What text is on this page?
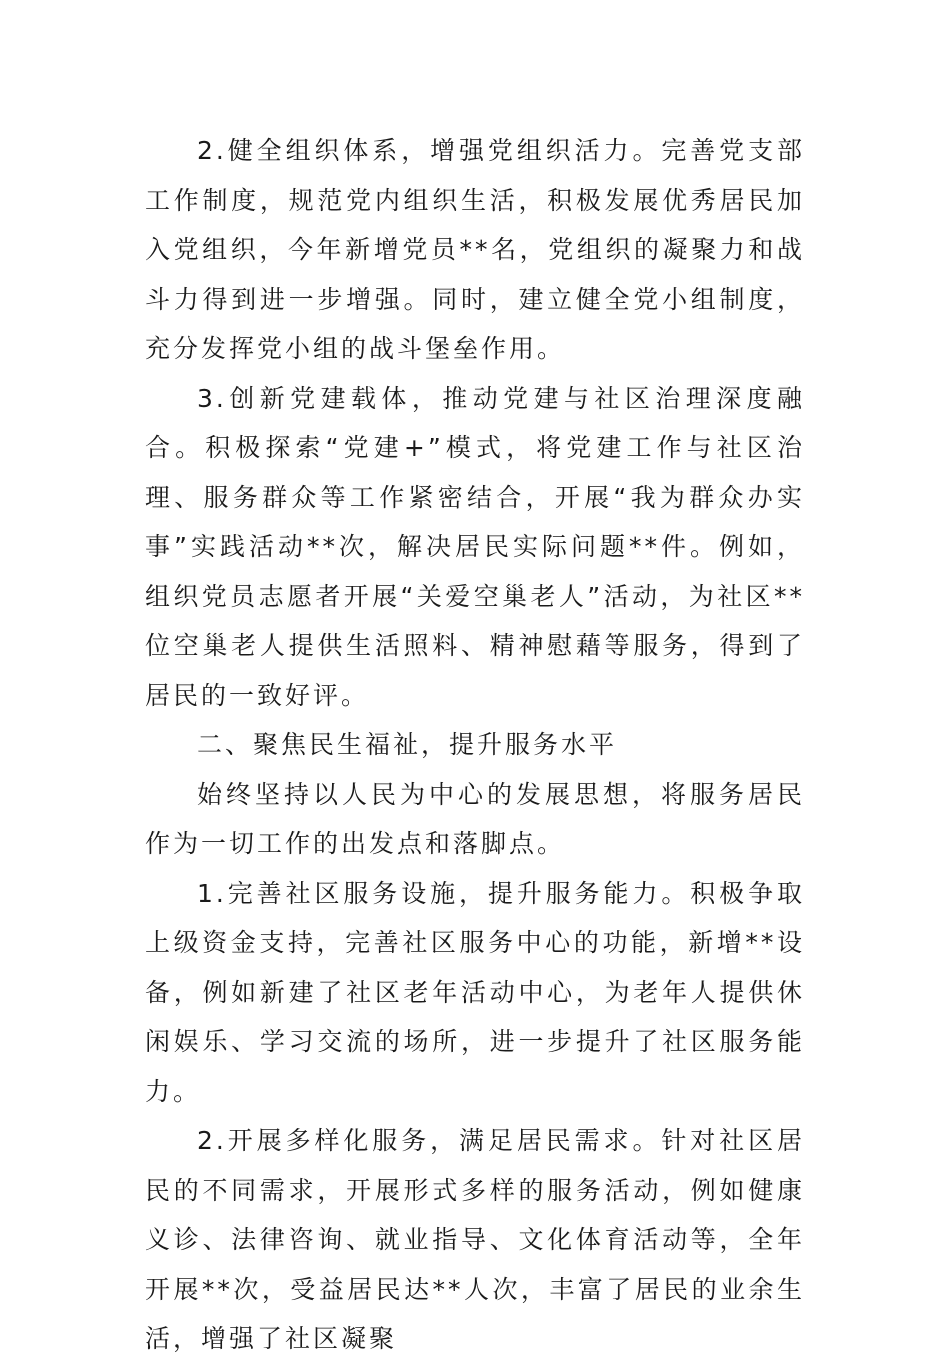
2.健全组织体系，增强党组织活力。完善党支部工作制度，规范党内组织生活，积极发展优秀居民加入党组织，今年新增党员**名，党组织的凝聚力和战斗力得到进一步增强。同时，建立健全党小组制度，充分发挥党小组的战斗堡垒作用。

3.创新党建载体，推动党建与社区治理深度融合。积极探索“党建+”模式，将党建工作与社区治理、服务群众等工作紧密结合，开展“我为群众办实事”实践活动**次，解决居民实际问题**件。例如，组织党员志愿者开展“关爱空巢老人”活动，为社区**位空巢老人提供生活照料、精神慰藉等服务，得到了居民的一致好评。

二、聚焦民生福祉，提升服务水平

始终坚持以人民为中心的发展思想，将服务居民作为一切工作的出发点和落脚点。

1.完善社区服务设施，提升服务能力。积极争取上级资金支持，完善社区服务中心的功能，新增**设备，例如新建了社区老年活动中心，为老年人提供休闲娱乐、学习交流的场所，进一步提升了社区服务能力。

2.开展多样化服务，满足居民需求。针对社区居民的不同需求，开展形式多样的服务活动，例如健康义诊、法律咨询、就业指导、文化体育活动等，全年开展**次，受益居民达**人次，丰富了居民的业余生活，增强了社区凝聚
